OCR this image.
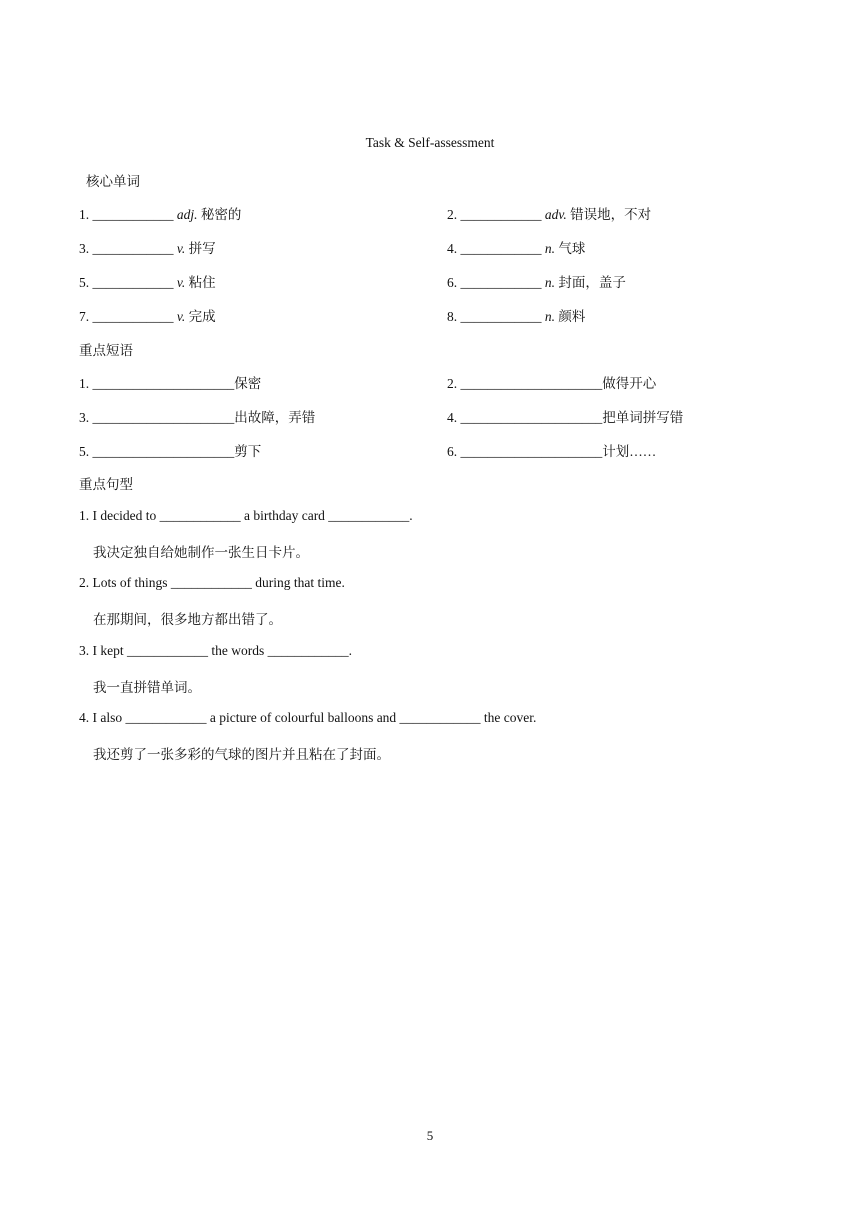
Task & Self-assessment
核心单词
1. ____________ adj. 秘密的	2. ____________ adv. 错误地，不对
3. ____________ v. 拼写	4. ____________ n. 气球
5. ____________ v. 粘住	6. ____________ n. 封面，盖子
7. ____________ v. 完成	8. ____________ n. 颜料
重点短语
1. _____________________保密	2. _____________________做得开心
3. _____________________出故障，弄错	4. _____________________把单词拼写错
5. _____________________剪下	6. _____________________计划……
重点句型
1. I decided to ____________ a birthday card ____________.
我决定独自给她制作一张生日卡片。
2. Lots of things ____________ during that time.
在那期间，很多地方都出错了。
3. I kept ____________ the words ____________.
我一直拼错单词。
4. I also ____________ a picture of colourful balloons and ____________ the cover.
我还剪了一张多彩的气球的图片并且粘在了封面。
5
